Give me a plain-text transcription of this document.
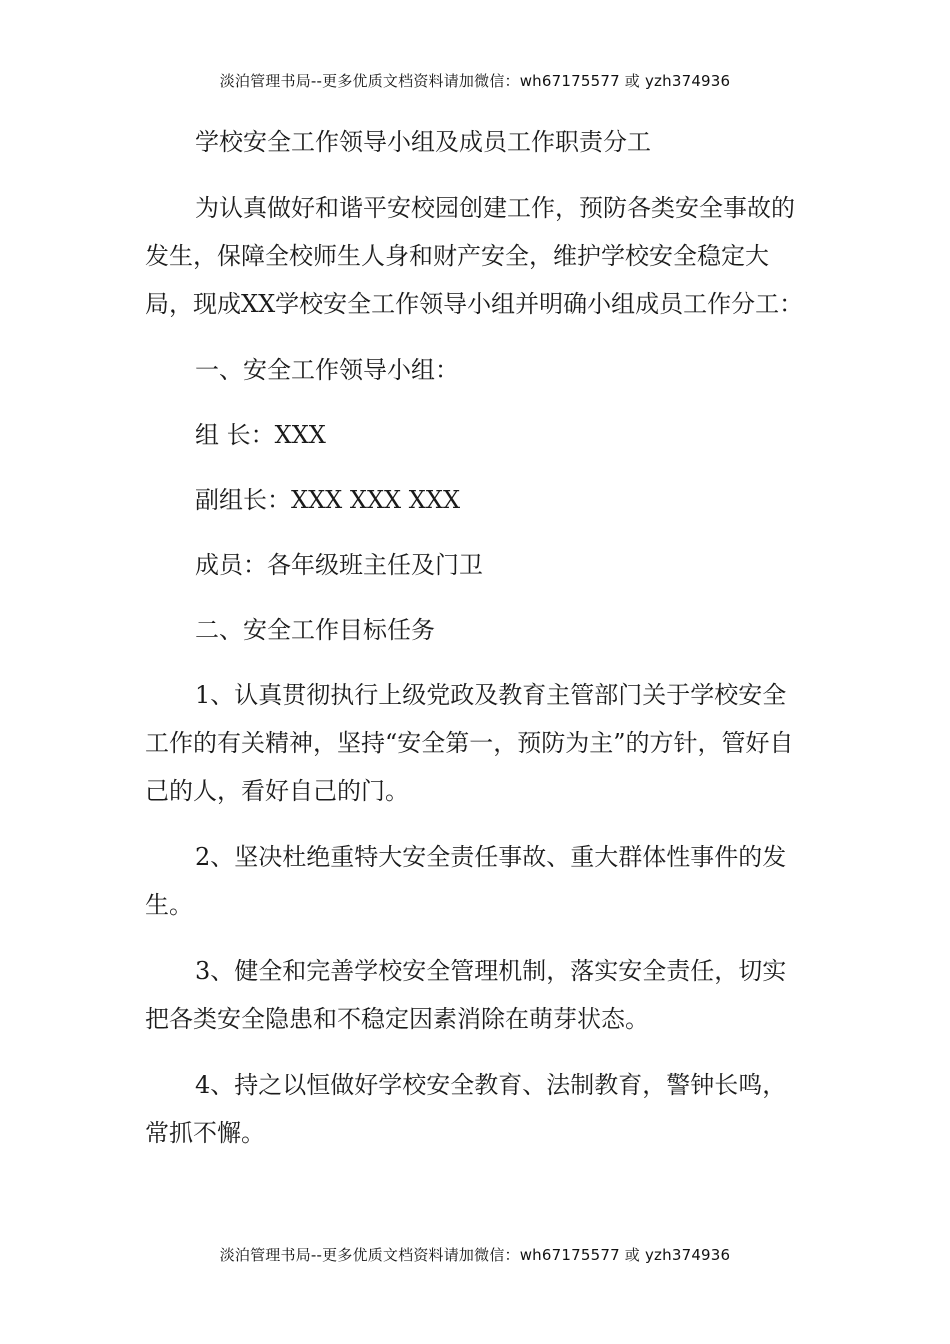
淡泊管理书局--更多优质文档资料请加微信：wh67175577 或 yzh374936

学校安全工作领导小组及成员工作职责分工

为认真做好和谐平安校园创建工作，预防各类安全事故的发生，保障全校师生人身和财产安全，维护学校安全稳定大局，现成XX学校安全工作领导小组并明确小组成员工作分工：

一、安全工作领导小组：

组 长：XXX

副组长：XXX XXX XXX

成员：各年级班主任及门卫

二、安全工作目标任务

1、认真贯彻执行上级党政及教育主管部门关于学校安全工作的有关精神，坚持“安全第一，预防为主”的方针，管好自己的人，看好自己的门。

2、坚决杜绝重特大安全责任事故、重大群体性事件的发生。

3、健全和完善学校安全管理机制，落实安全责任，切实把各类安全隐患和不稳定因素消除在萌芽状态。

4、持之以恒做好学校安全教育、法制教育，警钟长鸣，常抓不懈。

淡泊管理书局--更多优质文档资料请加微信：wh67175577 或 yzh374936
